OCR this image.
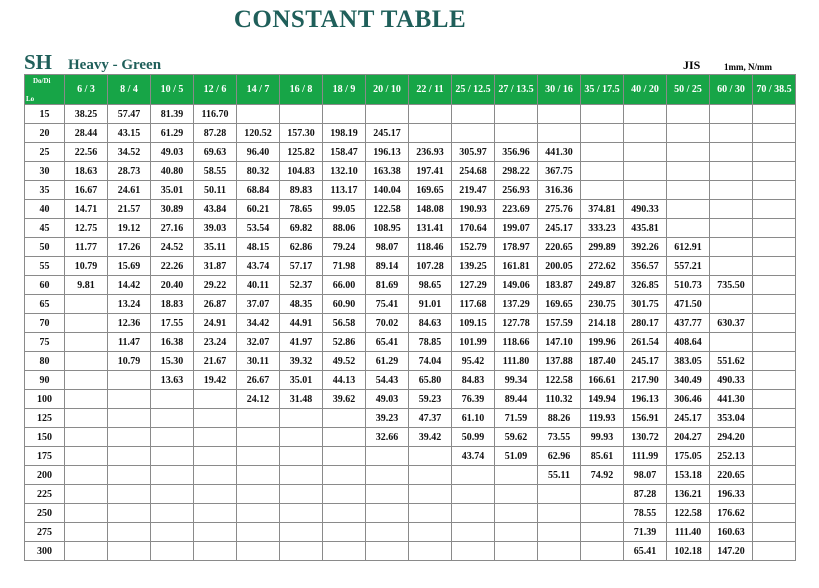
CONSTANT TABLE
SH Heavy - Green	JIS	1mm, N/mm
Do/Di
Lo	6 / 3	8 / 4	10 / 5	12 / 6	14 / 7	16 / 8	18 / 9	20 / 10	22 / 11	25 / 12.5	27 / 13.5	30 / 16	35 / 17.5	40 / 20	50 / 25	60 / 30	70 / 38.5
15	38.25	57.47	81.39	116.70													
20	28.44	43.15	61.29	87.28	120.52	157.30	198.19	245.17									
25	22.56	34.52	49.03	69.63	96.40	125.82	158.47	196.13	236.93	305.97	356.96	441.30					
30	18.63	28.73	40.80	58.55	80.32	104.83	132.10	163.38	197.41	254.68	298.22	367.75					
35	16.67	24.61	35.01	50.11	68.84	89.83	113.17	140.04	169.65	219.47	256.93	316.36					
40	14.71	21.57	30.89	43.84	60.21	78.65	99.05	122.58	148.08	190.93	223.69	275.76	374.81	490.33			
45	12.75	19.12	27.16	39.03	53.54	69.82	88.06	108.95	131.41	170.64	199.07	245.17	333.23	435.81			
50	11.77	17.26	24.52	35.11	48.15	62.86	79.24	98.07	118.46	152.79	178.97	220.65	299.89	392.26	612.91		
55	10.79	15.69	22.26	31.87	43.74	57.17	71.98	89.14	107.28	139.25	161.81	200.05	272.62	356.57	557.21		
60	9.81	14.42	20.40	29.22	40.11	52.37	66.00	81.69	98.65	127.29	149.06	183.87	249.87	326.85	510.73	735.50	
65		13.24	18.83	26.87	37.07	48.35	60.90	75.41	91.01	117.68	137.29	169.65	230.75	301.75	471.50		
70		12.36	17.55	24.91	34.42	44.91	56.58	70.02	84.63	109.15	127.78	157.59	214.18	280.17	437.77	630.37	
75		11.47	16.38	23.24	32.07	41.97	52.86	65.41	78.85	101.99	118.66	147.10	199.96	261.54	408.64		
80		10.79	15.30	21.67	30.11	39.32	49.52	61.29	74.04	95.42	111.80	137.88	187.40	245.17	383.05	551.62	
90			13.63	19.42	26.67	35.01	44.13	54.43	65.80	84.83	99.34	122.58	166.61	217.90	340.49	490.33	
100					24.12	31.48	39.62	49.03	59.23	76.39	89.44	110.32	149.94	196.13	306.46	441.30	
125								39.23	47.37	61.10	71.59	88.26	119.93	156.91	245.17	353.04	
150								32.66	39.42	50.99	59.62	73.55	99.93	130.72	204.27	294.20	
175										43.74	51.09	62.96	85.61	111.99	175.05	252.13	
200												55.11	74.92	98.07	153.18	220.65	
225														87.28	136.21	196.33	
250														78.55	122.58	176.62	
275														71.39	111.40	160.63	
300														65.41	102.18	147.20	
